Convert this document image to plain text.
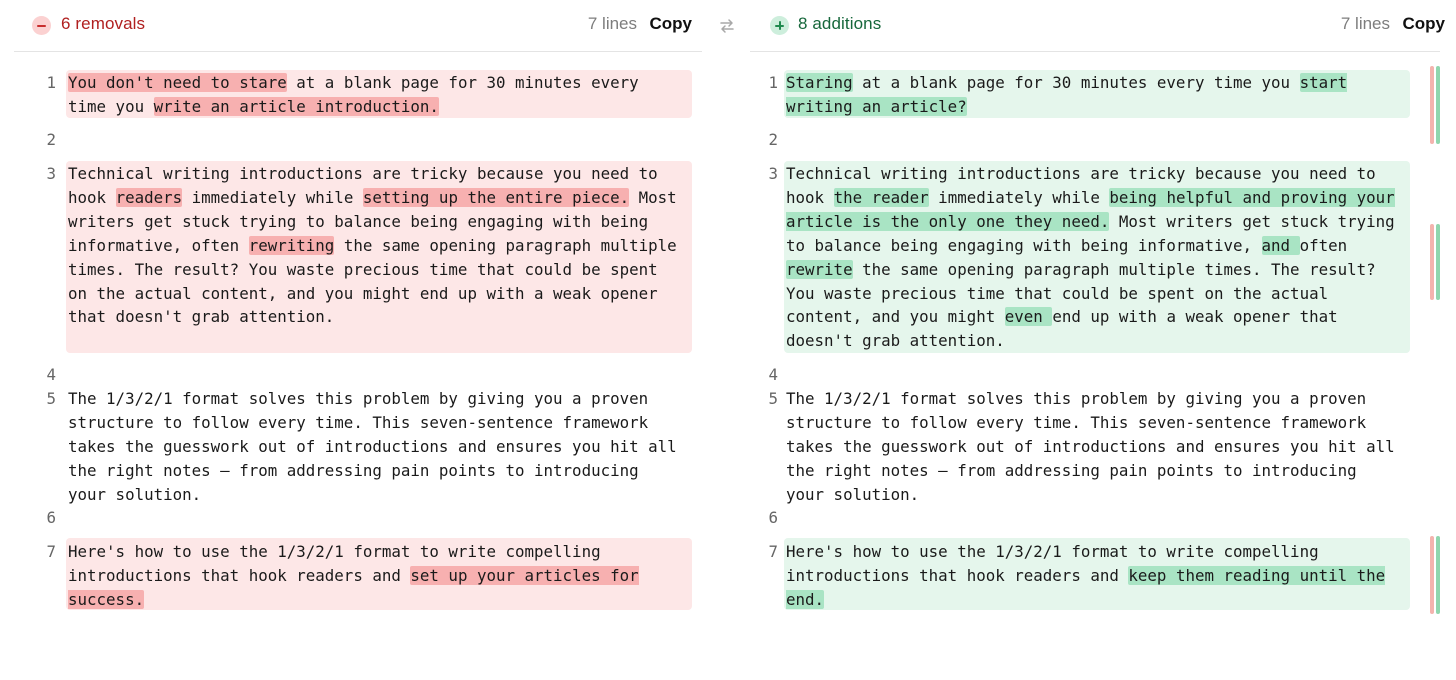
6 removals	7 lines Copy
1 You don't need to stare at a blank page for 30 minutes every
time you write an article introduction.
2
3 Technical writing introductions are tricky because you need to
hook readers immediately while setting up the entire piece. Most
writers get stuck trying to balance being engaging with being
informative, often rewriting the same opening paragraph multiple
times. The result? You waste precious time that could be spent
on the actual content, and you might end up with a weak opener
that doesn't grab attention.
4
5 The 1/3/2/1 format solves this problem by giving you a proven
structure to follow every time. This seven-sentence framework
takes the guesswork out of introductions and ensures you hit all
the right notes – from addressing pain points to introducing
your solution.
6
7 Here's how to use the 1/3/2/1 format to write compelling
introductions that hook readers and set up your articles for
success.
8 additions	7 lines Copy
1 Staring at a blank page for 30 minutes every time you start
writing an article?
2
3 Technical writing introductions are tricky because you need to
hook the reader immediately while being helpful and proving your
article is the only one they need. Most writers get stuck trying
to balance being engaging with being informative, and often
rewrite the same opening paragraph multiple times. The result?
You waste precious time that could be spent on the actual
content, and you might even end up with a weak opener that
doesn't grab attention.
4
5 The 1/3/2/1 format solves this problem by giving you a proven
structure to follow every time. This seven-sentence framework
takes the guesswork out of introductions and ensures you hit all
the right notes – from addressing pain points to introducing
your solution.
6
7 Here's how to use the 1/3/2/1 format to write compelling
introductions that hook readers and keep them reading until the
end.
